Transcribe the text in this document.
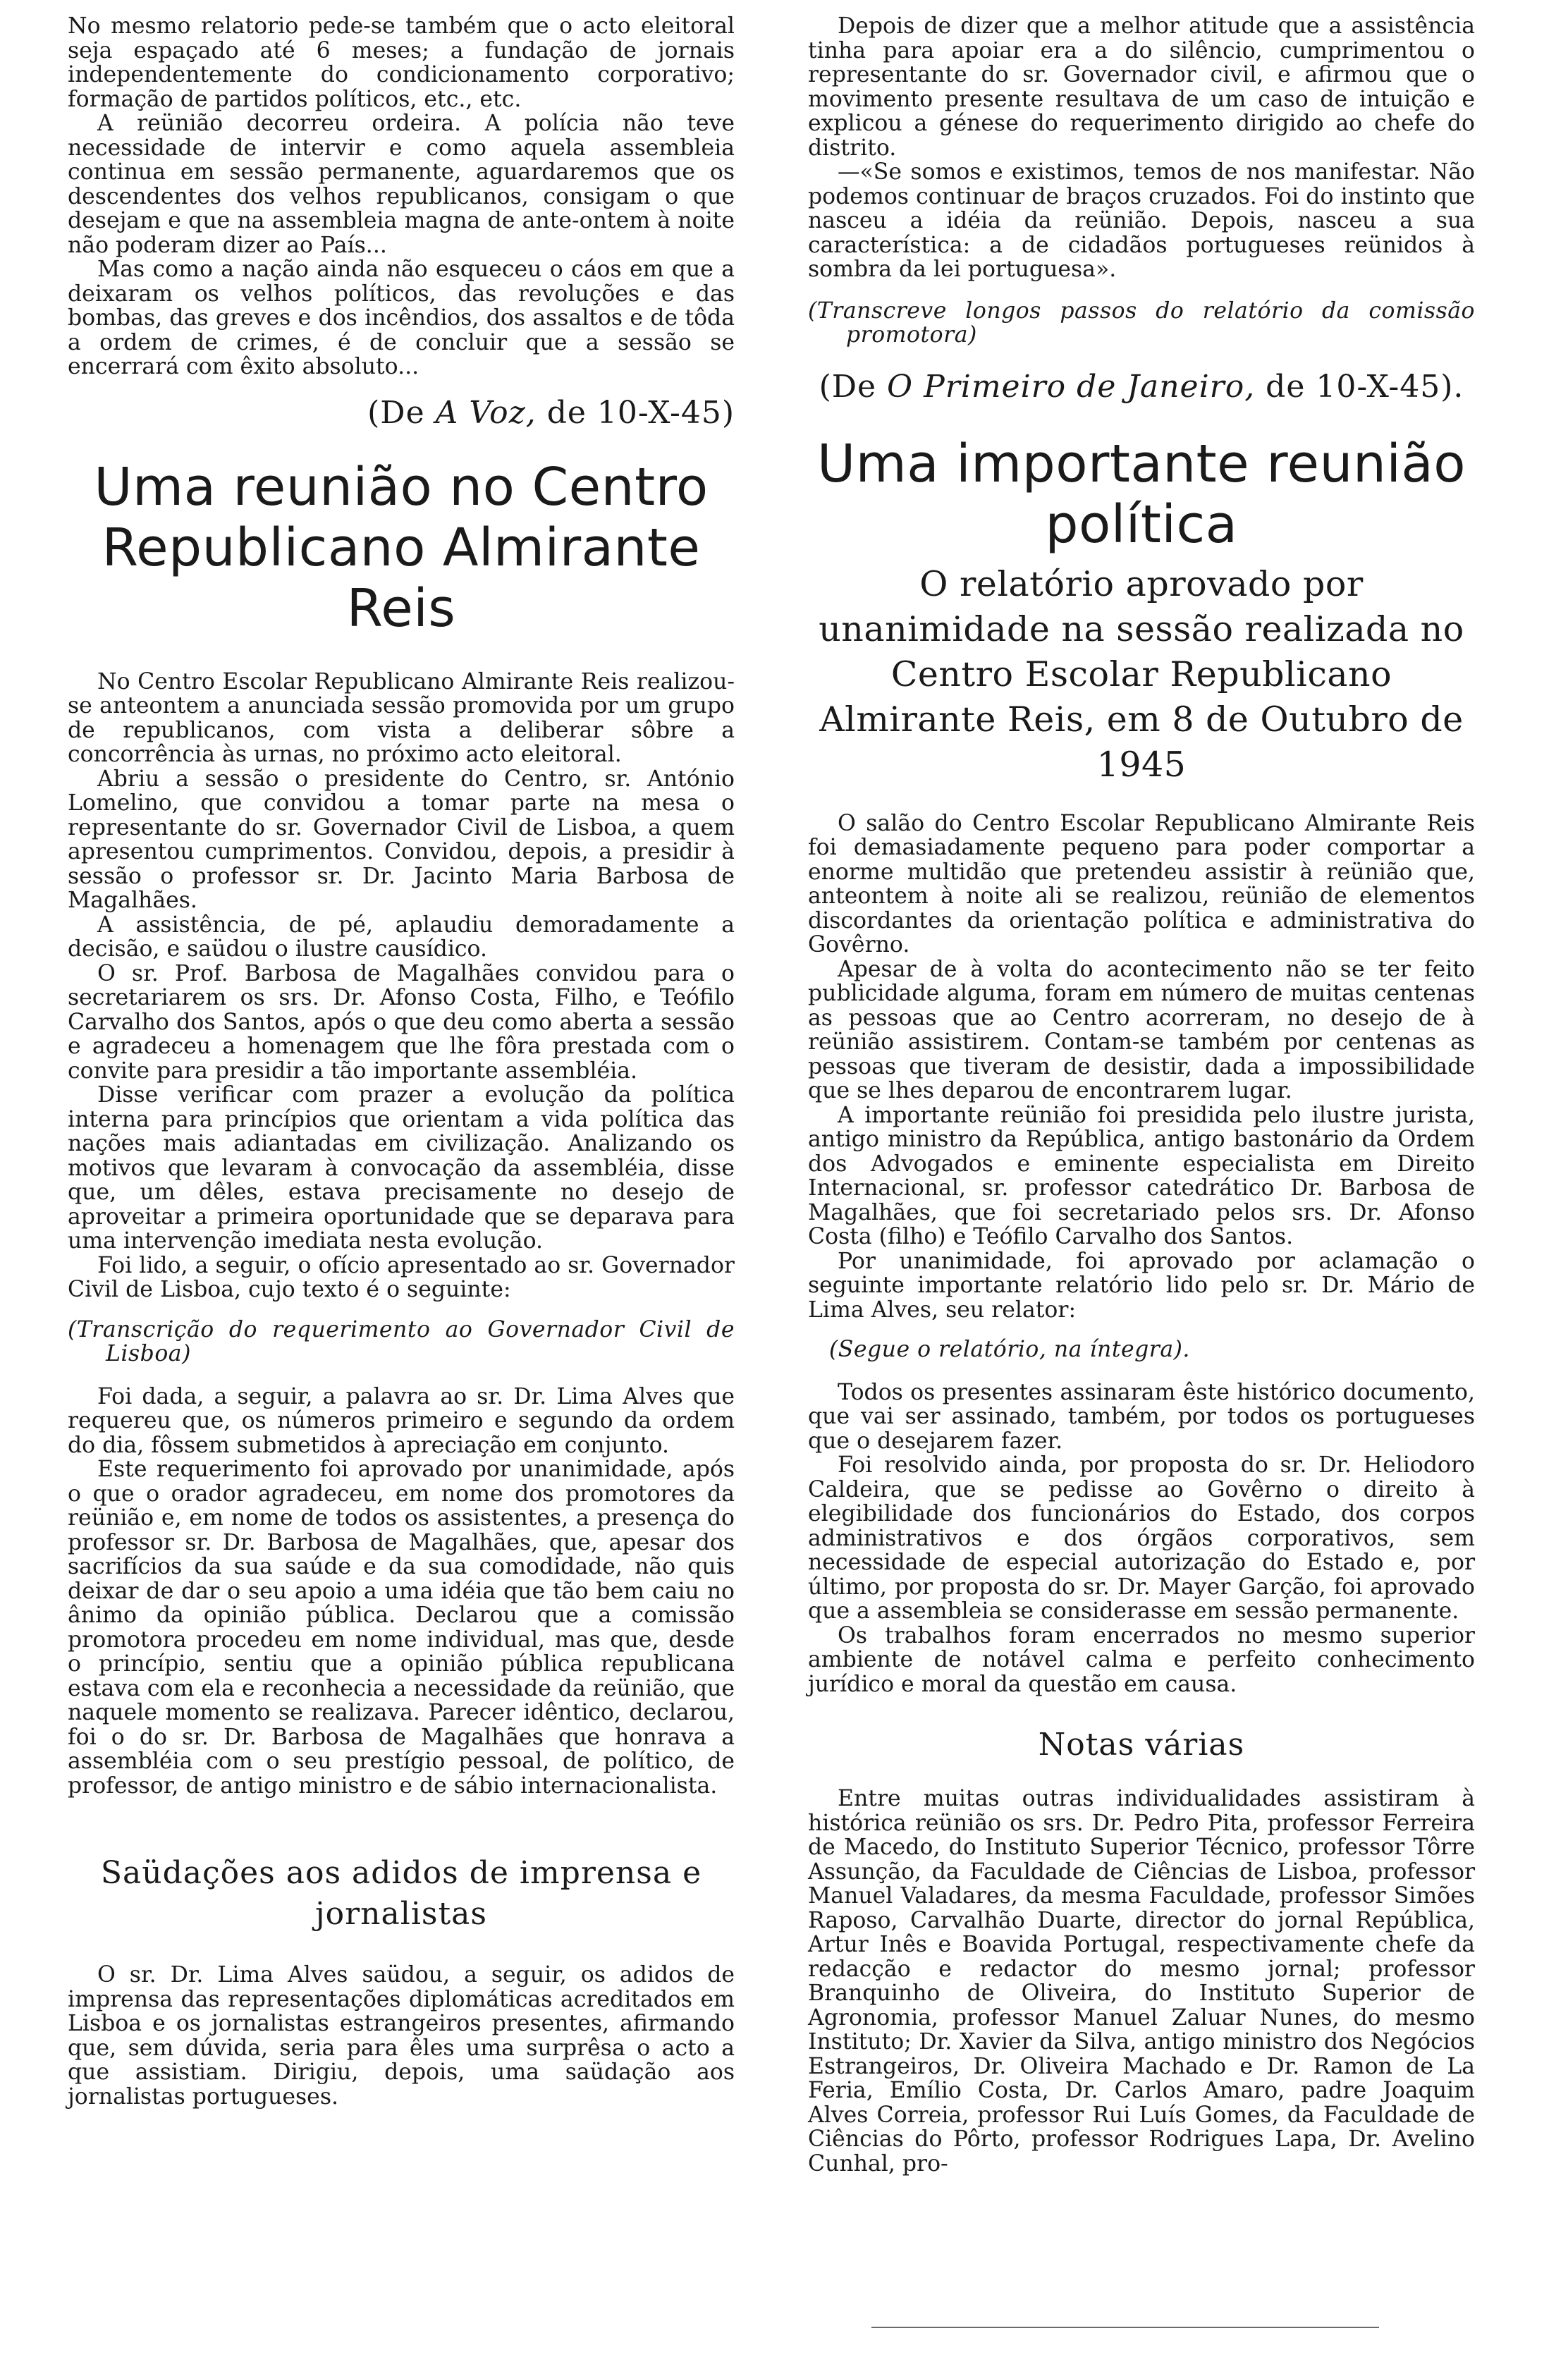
No mesmo relatorio pede-se também que o acto eleitoral seja espaçado até 6 meses; a fundação de jornais independentemente do condicionamento corporativo; formação de partidos políticos, etc., etc.

A reünião decorreu ordeira. A polícia não teve necessidade de intervir e como aquela assembleia continua em sessão permanente, aguardaremos que os descendentes dos velhos republicanos, consigam o que desejam e que na assembleia magna de ante-ontem à noite não poderam dizer ao País...

Mas como a nação ainda não esqueceu o cáos em que a deixaram os velhos políticos, das revoluções e das bombas, das greves e dos incêndios, dos assaltos e de tôda a ordem de crimes, é de concluir que a sessão se encerrará com êxito absoluto...

(De A Voz, de 10-X-45)

Uma reunião no Centro Republicano Almirante Reis

No Centro Escolar Republicano Almirante Reis realizou-se anteontem a anunciada sessão promovida por um grupo de republicanos, com vista a deliberar sôbre a concorrência às urnas, no próximo acto eleitoral.

Abriu a sessão o presidente do Centro, sr. António Lomelino, que convidou a tomar parte na mesa o representante do sr. Governador Civil de Lisboa, a quem apresentou cumprimentos. Convidou, depois, a presidir à sessão o professor sr. Dr. Jacinto Maria Barbosa de Magalhães.

A assistência, de pé, aplaudiu demoradamente a decisão, e saüdou o ilustre causídico.

O sr. Prof. Barbosa de Magalhães convidou para o secretariarem os srs. Dr. Afonso Costa, Filho, e Teófilo Carvalho dos Santos, após o que deu como aberta a sessão e agradeceu a homenagem que lhe fôra prestada com o convite para presidir a tão importante assembléia.

Disse verificar com prazer a evolução da política interna para princípios que orientam a vida política das nações mais adiantadas em civilização. Analizando os motivos que levaram à convocação da assembléia, disse que, um dêles, estava precisamente no desejo de aproveitar a primeira oportunidade que se deparava para uma intervenção imediata nesta evolução.

Foi lido, a seguir, o ofício apresentado ao sr. Governador Civil de Lisboa, cujo texto é o seguinte:

(Transcrição do requerimento ao Governador Civil de Lisboa)

Foi dada, a seguir, a palavra ao sr. Dr. Lima Alves que requereu que, os números primeiro e segundo da ordem do dia, fôssem submetidos à apreciação em conjunto.

Este requerimento foi aprovado por unanimidade, após o que o orador agradeceu, em nome dos promotores da reünião e, em nome de todos os assistentes, a presença do professor sr. Dr. Barbosa de Magalhães, que, apesar dos sacrifícios da sua saúde e da sua comodidade, não quis deixar de dar o seu apoio a uma idéia que tão bem caiu no ânimo da opinião pública. Declarou que a comissão promotora procedeu em nome individual, mas que, desde o princípio, sentiu que a opinião pública republicana estava com ela e reconhecia a necessidade da reünião, que naquele momento se realizava. Parecer idêntico, declarou, foi o do sr. Dr. Barbosa de Magalhães que honrava a assembléia com o seu prestígio pessoal, de político, de professor, de antigo ministro e de sábio internacionalista.

Saüdações aos adidos de imprensa e jornalistas

O sr. Dr. Lima Alves saüdou, a seguir, os adidos de imprensa das representações diplomáticas acreditados em Lisboa e os jornalistas estrangeiros presentes, afirmando que, sem dúvida, seria para êles uma surprêsa o acto a que assistiam. Dirigiu, depois, uma saüdação aos jornalistas portugueses.

Depois de dizer que a melhor atitude que a assistência tinha para apoiar era a do silêncio, cumprimentou o representante do sr. Governador civil, e afirmou que o movimento presente resultava de um caso de intuição e explicou a génese do requerimento dirigido ao chefe do distrito.

—«Se somos e existimos, temos de nos manifestar. Não podemos continuar de braços cruzados. Foi do instinto que nasceu a idéia da reünião. Depois, nasceu a sua característica: a de cidadãos portugueses reünidos à sombra da lei portuguesa».

(Transcreve longos passos do relatório da comissão promotora)

(De O Primeiro de Janeiro, de 10-X-45).

Uma importante reunião política
O relatório aprovado por unanimidade na sessão realizada no Centro Escolar Republicano Almirante Reis, em 8 de Outubro de 1945

O salão do Centro Escolar Republicano Almirante Reis foi demasiadamente pequeno para poder comportar a enorme multidão que pretendeu assistir à reünião que, anteontem à noite ali se realizou, reünião de elementos discordantes da orientação política e administrativa do Govêrno.

Apesar de à volta do acontecimento não se ter feito publicidade alguma, foram em número de muitas centenas as pessoas que ao Centro acorreram, no desejo de à reünião assistirem. Contam-se também por centenas as pessoas que tiveram de desistir, dada a impossibilidade que se lhes deparou de encontrarem lugar.

A importante reünião foi presidida pelo ilustre jurista, antigo ministro da República, antigo bastonário da Ordem dos Advogados e eminente especialista em Direito Internacional, sr. professor catedrático Dr. Barbosa de Magalhães, que foi secretariado pelos srs. Dr. Afonso Costa (filho) e Teófilo Carvalho dos Santos.

Por unanimidade, foi aprovado por aclamação o seguinte importante relatório lido pelo sr. Dr. Mário de Lima Alves, seu relator:

(Segue o relatório, na íntegra).

Todos os presentes assinaram êste histórico documento, que vai ser assinado, também, por todos os portugueses que o desejarem fazer.

Foi resolvido ainda, por proposta do sr. Dr. Heliodoro Caldeira, que se pedisse ao Govêrno o direito à elegibilidade dos funcionários do Estado, dos corpos administrativos e dos órgãos corporativos, sem necessidade de especial autorização do Estado e, por último, por proposta do sr. Dr. Mayer Garção, foi aprovado que a assembleia se considerasse em sessão permanente.

Os trabalhos foram encerrados no mesmo superior ambiente de notável calma e perfeito conhecimento jurídico e moral da questão em causa.

Notas várias

Entre muitas outras individualidades assistiram à histórica reünião os srs. Dr. Pedro Pita, professor Ferreira de Macedo, do Instituto Superior Técnico, professor Tôrre Assunção, da Faculdade de Ciências de Lisboa, professor Manuel Valadares, da mesma Faculdade, professor Simões Raposo, Carvalhão Duarte, director do jornal República, Artur Inês e Boavida Portugal, respectivamente chefe da redacção e redactor do mesmo jornal; professor Branquinho de Oliveira, do Instituto Superior de Agronomia, professor Manuel Zaluar Nunes, do mesmo Instituto; Dr. Xavier da Silva, antigo ministro dos Negócios Estrangeiros, Dr. Oliveira Machado e Dr. Ramon de La Feria, Emílio Costa, Dr. Carlos Amaro, padre Joaquim Alves Correia, professor Rui Luís Gomes, da Faculdade de Ciências do Pôrto, professor Rodrigues Lapa, Dr. Avelino Cunhal, pro-
